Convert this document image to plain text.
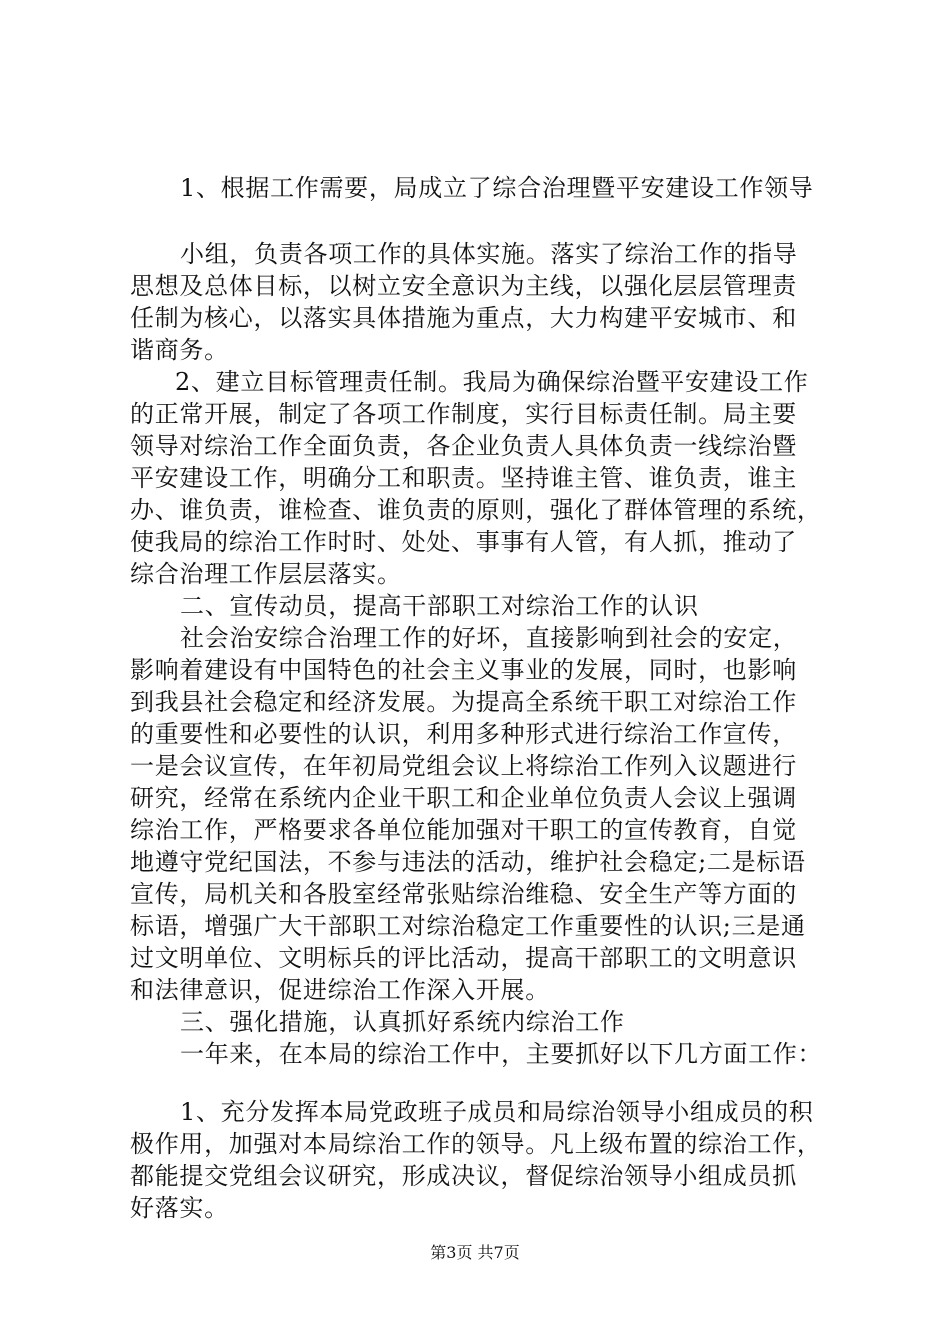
1、根据工作需要，局成立了综合治理暨平安建设工作领导
小组，负责各项工作的具体实施。落实了综治工作的指导
思想及总体目标，以树立安全意识为主线，以强化层层管理责
任制为核心，以落实具体措施为重点，大力构建平安城市、和
谐商务。
2、建立目标管理责任制。我局为确保综治暨平安建设工作
的正常开展，制定了各项工作制度，实行目标责任制。局主要
领导对综治工作全面负责，各企业负责人具体负责一线综治暨
平安建设工作，明确分工和职责。坚持谁主管、谁负责，谁主
办、谁负责，谁检查、谁负责的原则，强化了群体管理的系统，
使我局的综治工作时时、处处、事事有人管，有人抓，推动了
综合治理工作层层落实。
二、宣传动员，提高干部职工对综治工作的认识
社会治安综合治理工作的好坏，直接影响到社会的安定，
影响着建设有中国特色的社会主义事业的发展，同时，也影响
到我县社会稳定和经济发展。为提高全系统干职工对综治工作
的重要性和必要性的认识，利用多种形式进行综治工作宣传，
一是会议宣传，在年初局党组会议上将综治工作列入议题进行
研究，经常在系统内企业干职工和企业单位负责人会议上强调
综治工作，严格要求各单位能加强对干职工的宣传教育，自觉
地遵守党纪国法，不参与违法的活动，维护社会稳定;二是标语
宣传，局机关和各股室经常张贴综治维稳、安全生产等方面的
标语，增强广大干部职工对综治稳定工作重要性的认识;三是通
过文明单位、文明标兵的评比活动，提高干部职工的文明意识
和法律意识，促进综治工作深入开展。
三、强化措施，认真抓好系统内综治工作
一年来，在本局的综治工作中，主要抓好以下几方面工作：
1、充分发挥本局党政班子成员和局综治领导小组成员的积
极作用，加强对本局综治工作的领导。凡上级布置的综治工作，
都能提交党组会议研究，形成决议，督促综治领导小组成员抓
好落实。
第3页 共7页
